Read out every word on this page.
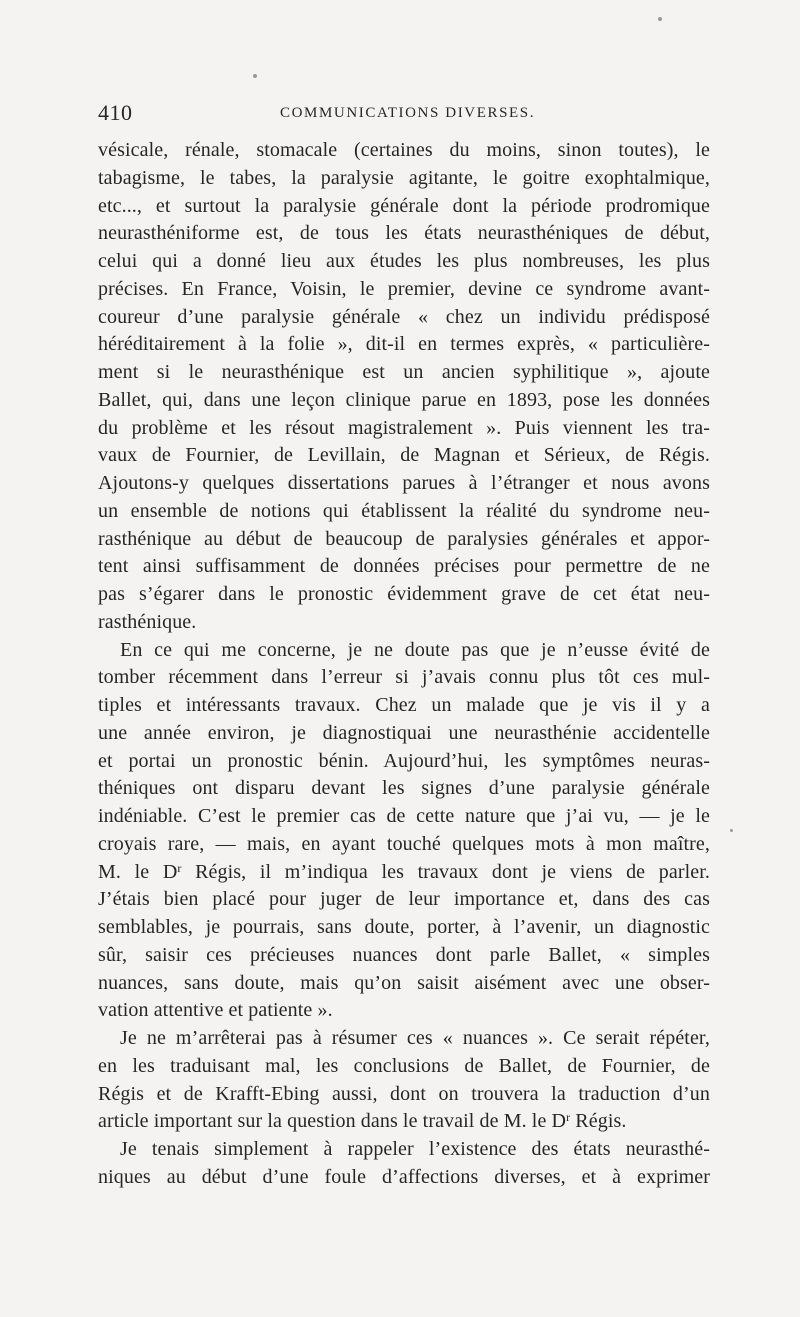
410	COMMUNICATIONS DIVERSES.
vésicale, rénale, stomacale (certaines du moins, sinon toutes), le
tabagisme, le tabes, la paralysie agitante, le goitre exophtalmique,
etc..., et surtout la paralysie générale dont la période prodromique
neurasthéniforme est, de tous les états neurasthéniques de début,
celui qui a donné lieu aux études les plus nombreuses, les plus
précises. En France, Voisin, le premier, devine ce syndrome avant-
coureur d’une paralysie générale « chez un individu prédisposé
héréditairement à la folie », dit-il en termes exprès, « particulière-
ment si le neurasthénique est un ancien syphilitique », ajoute
Ballet, qui, dans une leçon clinique parue en 1893, pose les données
du problème et les résout magistralement ». Puis viennent les tra-
vaux de Fournier, de Levillain, de Magnan et Sérieux, de Régis.
Ajoutons-y quelques dissertations parues à l’étranger et nous avons
un ensemble de notions qui établissent la réalité du syndrome neu-
rasthénique au début de beaucoup de paralysies générales et appor-
tent ainsi suffisamment de données précises pour permettre de ne
pas s’égarer dans le pronostic évidemment grave de cet état neu-
rasthénique.
En ce qui me concerne, je ne doute pas que je n’eusse évité de
tomber récemment dans l’erreur si j’avais connu plus tôt ces mul-
tiples et intéressants travaux. Chez un malade que je vis il y a
une année environ, je diagnostiquai une neurasthénie accidentelle
et portai un pronostic bénin. Aujourd’hui, les symptômes neuras-
théniques ont disparu devant les signes d’une paralysie générale
indéniable. C’est le premier cas de cette nature que j’ai vu, — je le
croyais rare, — mais, en ayant touché quelques mots à mon maître,
M. le $D^r$ Régis, il m’indiqua les travaux dont je viens de parler.
J’étais bien placé pour juger de leur importance et, dans des cas
semblables, je pourrais, sans doute, porter, à l’avenir, un diagnostic
sûr, saisir ces précieuses nuances dont parle Ballet, « simples
nuances, sans doute, mais qu’on saisit aisément avec une obser-
vation attentive et patiente ».
Je ne m’arrêterai pas à résumer ces « nuances ». Ce serait répéter,
en les traduisant mal, les conclusions de Ballet, de Fournier, de
Régis et de Krafft-Ebing aussi, dont on trouvera la traduction d’un
article important sur la question dans le travail de M. le $D^r$ Régis.
Je tenais simplement à rappeler l’existence des états neurasthé-
niques au début d’une foule d’affections diverses, et à exprimer
